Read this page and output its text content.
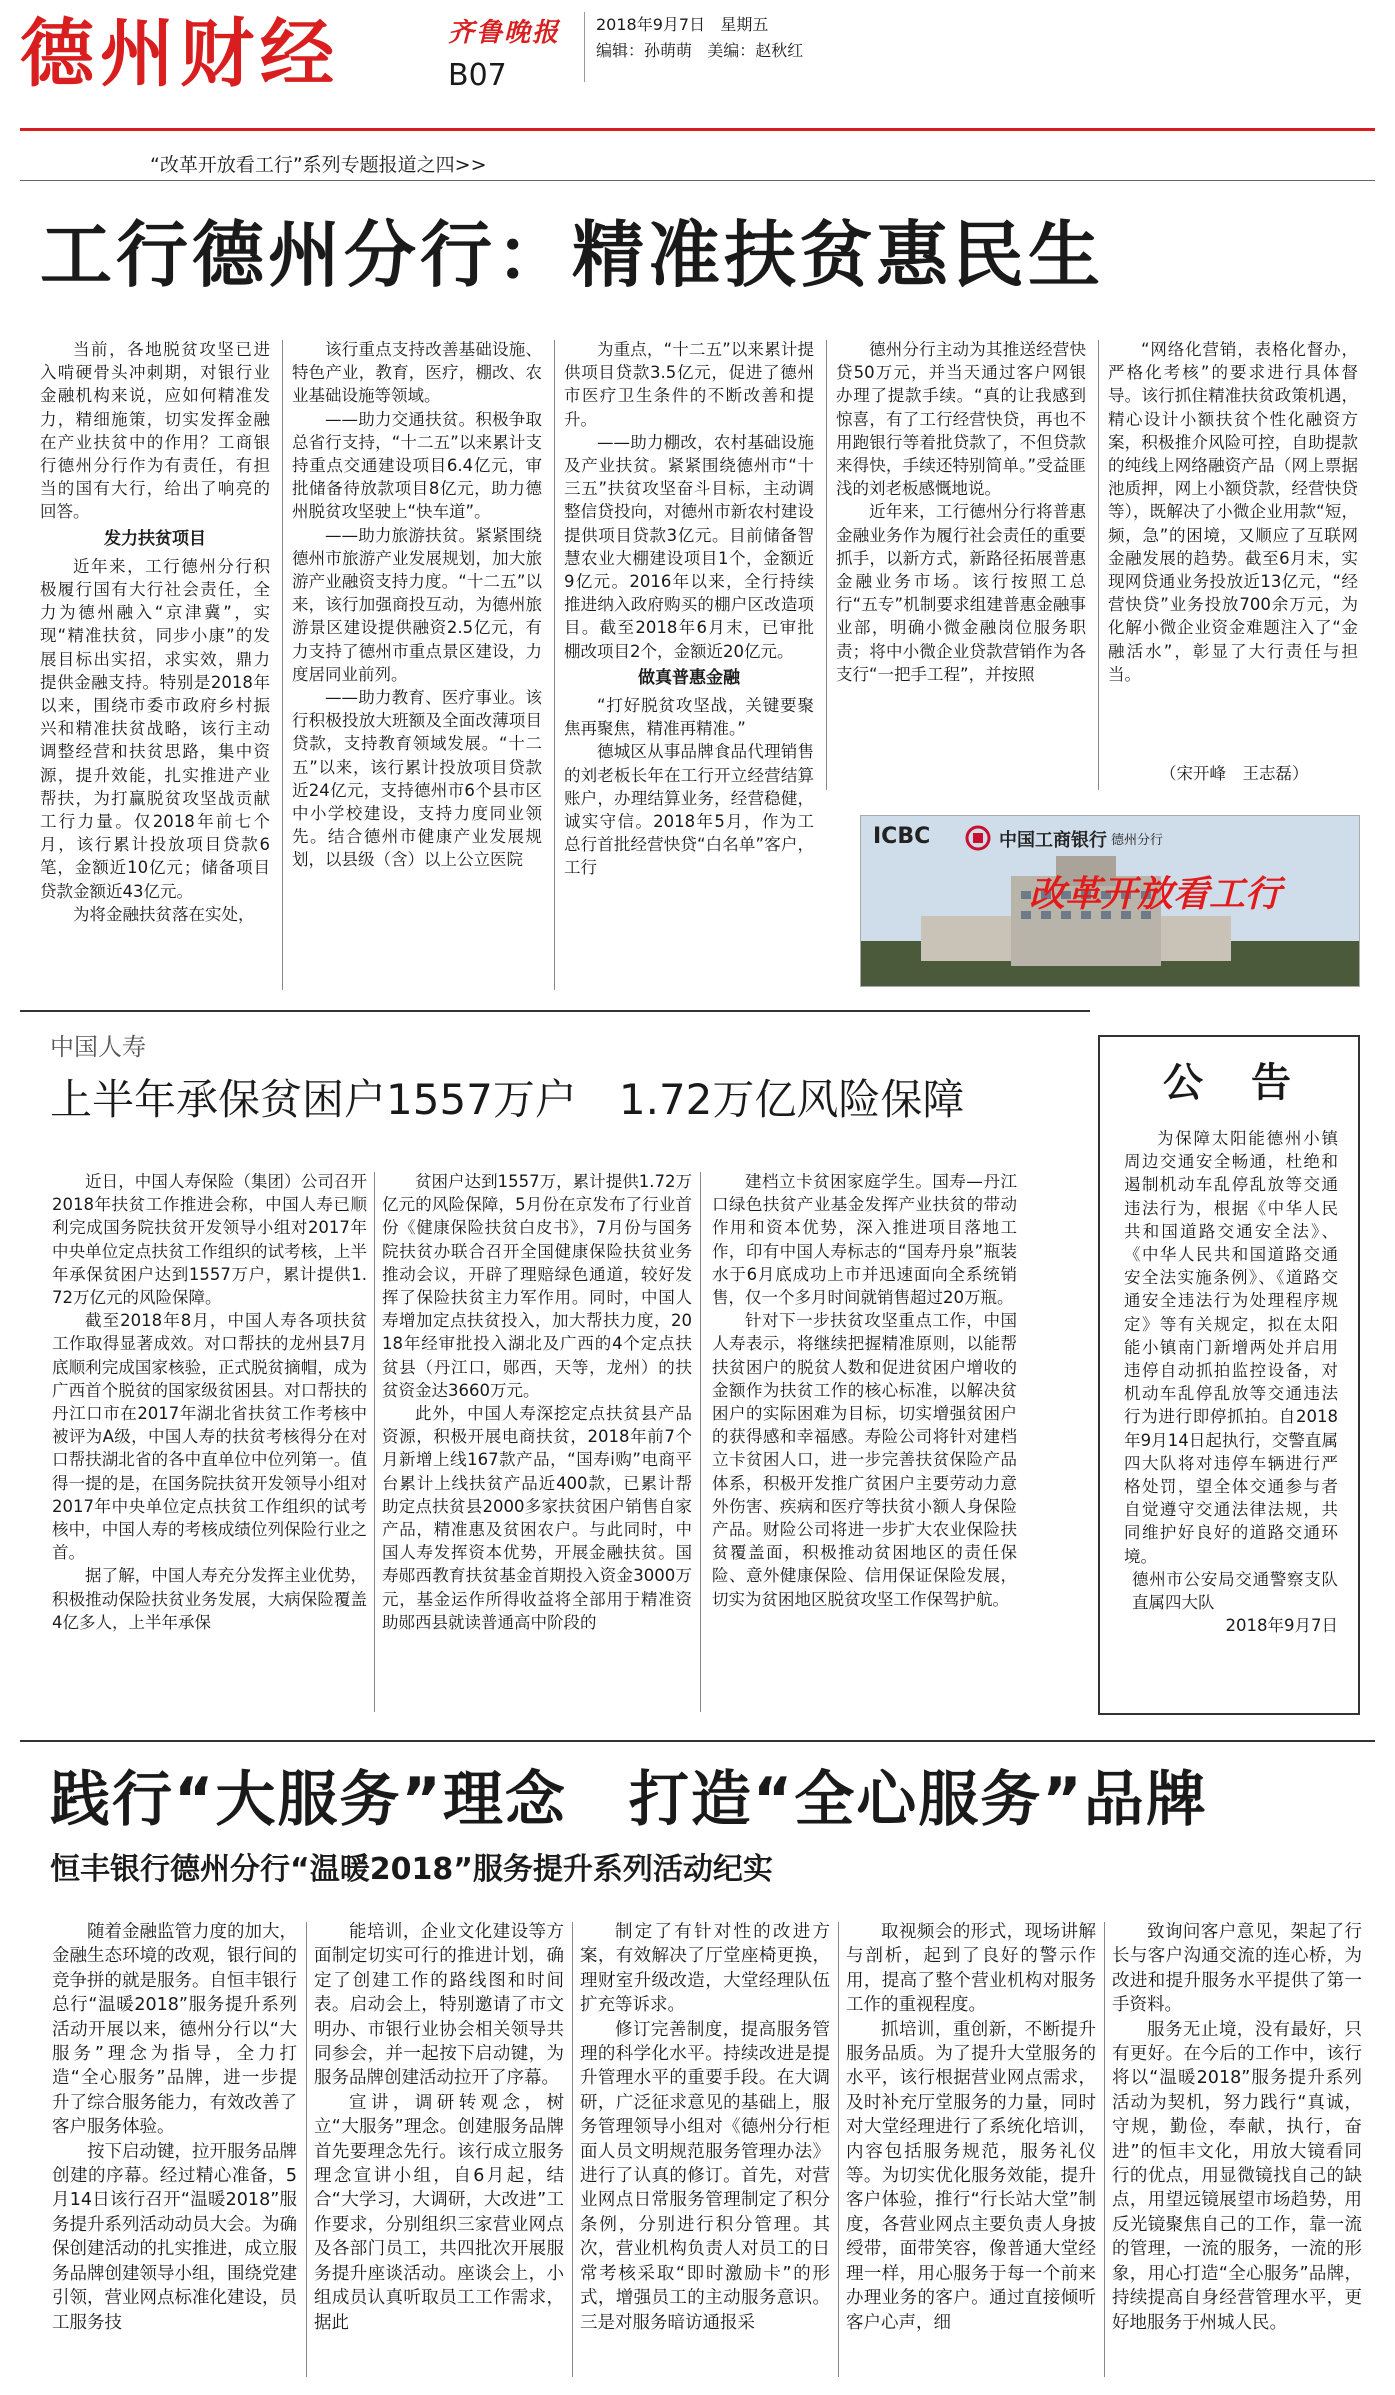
德州财经	齐鲁晚报
B07
2018年9月7日 星期五
编辑：孙萌萌 美编：赵秋红
“改革开放看工行”系列专题报道之四>>
工行德州分行：精准扶贫惠民生

当前，各地脱贫攻坚已进入啃硬骨头冲刺期，对银行业金融机构来说，应如何精准发力，精细施策，切实发挥金融在产业扶贫中的作用？工商银行德州分行作为有责任，有担当的国有大行，给出了响亮的回答。

发力扶贫项目

近年来，工行德州分行积极履行国有大行社会责任，全力为德州融入“京津冀”，实现“精准扶贫，同步小康”的发展目标出实招，求实效，鼎力提供金融支持。特别是2018年以来，围绕市委市政府乡村振兴和精准扶贫战略，该行主动调整经营和扶贫思路，集中资源，提升效能，扎实推进产业帮扶，为打赢脱贫攻坚战贡献工行力量。仅2018年前七个月，该行累计投放项目贷款6笔，金额近10亿元；储备项目贷款金额近43亿元。

为将金融扶贫落在实处，

该行重点支持改善基础设施、特色产业，教育，医疗，棚改、农业基础设施等领域。

——助力交通扶贫。积极争取总省行支持，“十二五”以来累计支持重点交通建设项目6.4亿元，审批储备待放款项目8亿元，助力德州脱贫攻坚驶上“快车道”。

——助力旅游扶贫。紧紧围绕德州市旅游产业发展规划，加大旅游产业融资支持力度。“十二五”以来，该行加强商投互动，为德州旅游景区建设提供融资2.5亿元，有力支持了德州市重点景区建设，力度居同业前列。

——助力教育、医疗事业。该行积极投放大班额及全面改薄项目贷款，支持教育领域发展。“十二五”以来，该行累计投放项目贷款近24亿元，支持德州市6个县市区中小学校建设，支持力度同业领先。结合德州市健康产业发展规划，以县级（含）以上公立医院

为重点，“十二五”以来累计提供项目贷款3.5亿元，促进了德州市医疗卫生条件的不断改善和提升。

——助力棚改，农村基础设施及产业扶贫。紧紧围绕德州市“十三五”扶贫攻坚奋斗目标，主动调整信贷投向，对德州市新农村建设提供项目贷款3亿元。目前储备智慧农业大棚建设项目1个，金额近9亿元。2016年以来，全行持续推进纳入政府购买的棚户区改造项目。截至2018年6月末，已审批棚改项目2个，金额近20亿元。

做真普惠金融

“打好脱贫攻坚战，关键要聚焦再聚焦，精准再精准。”

德城区从事品牌食品代理销售的刘老板长年在工行开立经营结算账户，办理结算业务，经营稳健，诚实守信。2018年5月，作为工总行首批经营快贷“白名单”客户，工行

德州分行主动为其推送经营快贷50万元，并当天通过客户网银办理了提款手续。“真的让我感到惊喜，有了工行经营快贷，再也不用跑银行等着批贷款了，不但贷款来得快，手续还特别简单。”受益匪浅的刘老板感慨地说。

近年来，工行德州分行将普惠金融业务作为履行社会责任的重要抓手，以新方式，新路径拓展普惠金融业务市场。该行按照工总行“五专”机制要求组建普惠金融事业部，明确小微金融岗位服务职责；将中小微企业贷款营销作为各支行“一把手工程”，并按照

“网络化营销，表格化督办，严格化考核”的要求进行具体督导。该行抓住精准扶贫政策机遇，精心设计小额扶贫个性化融资方案，积极推介风险可控，自助提款的纯线上网络融资产品（网上票据池质押，网上小额贷款，经营快贷等），既解决了小微企业用款“短，频，急”的困境，又顺应了互联网金融发展的趋势。截至6月末，实现网贷通业务投放近13亿元，“经营快贷”业务投放700余万元，为化解小微企业资金难题注入了“金融活水”，彰显了大行责任与担当。

（宋开峰　王志磊）
ICBC	中国工商银行 德州分行
改革开放看工行
中国人寿
上半年承保贫困户1557万户　1.72万亿风险保障

近日，中国人寿保险（集团）公司召开2018年扶贫工作推进会称，中国人寿已顺利完成国务院扶贫开发领导小组对2017年中央单位定点扶贫工作组织的试考核，上半年承保贫困户达到1557万户，累计提供1.72万亿元的风险保障。

截至2018年8月，中国人寿各项扶贫工作取得显著成效。对口帮扶的龙州县7月底顺利完成国家核验，正式脱贫摘帽，成为广西首个脱贫的国家级贫困县。对口帮扶的丹江口市在2017年湖北省扶贫工作考核中被评为A级，中国人寿的扶贫考核得分在对口帮扶湖北省的各中直单位中位列第一。值得一提的是，在国务院扶贫开发领导小组对2017年中央单位定点扶贫工作组织的试考核中，中国人寿的考核成绩位列保险行业之首。

据了解，中国人寿充分发挥主业优势，积极推动保险扶贫业务发展，大病保险覆盖4亿多人，上半年承保

贫困户达到1557万，累计提供1.72万亿元的风险保障，5月份在京发布了行业首份《健康保险扶贫白皮书》，7月份与国务院扶贫办联合召开全国健康保险扶贫业务推动会议，开辟了理赔绿色通道，较好发挥了保险扶贫主力军作用。同时，中国人寿增加定点扶贫投入，加大帮扶力度，2018年经审批投入湖北及广西的4个定点扶贫县（丹江口，郧西，天等，龙州）的扶贫资金达3660万元。

此外，中国人寿深挖定点扶贫县产品资源，积极开展电商扶贫，2018年前7个月新增上线167款产品，“国寿i购”电商平台累计上线扶贫产品近400款，已累计帮助定点扶贫县2000多家扶贫困户销售自家产品，精准惠及贫困农户。与此同时，中国人寿发挥资本优势，开展金融扶贫。国寿郧西教育扶贫基金首期投入资金3000万元，基金运作所得收益将全部用于精准资助郧西县就读普通高中阶段的

建档立卡贫困家庭学生。国寿—丹江口绿色扶贫产业基金发挥产业扶贫的带动作用和资本优势，深入推进项目落地工作，印有中国人寿标志的“国寿丹泉”瓶装水于6月底成功上市并迅速面向全系统销售，仅一个多月时间就销售超过20万瓶。

针对下一步扶贫攻坚重点工作，中国人寿表示，将继续把握精准原则，以能帮扶贫困户的脱贫人数和促进贫困户增收的金额作为扶贫工作的核心标准，以解决贫困户的实际困难为目标，切实增强贫困户的获得感和幸福感。寿险公司将针对建档立卡贫困人口，进一步完善扶贫保险产品体系，积极开发推广贫困户主要劳动力意外伤害、疾病和医疗等扶贫小额人身保险产品。财险公司将进一步扩大农业保险扶贫覆盖面，积极推动贫困地区的责任保险、意外健康保险、信用保证保险发展，切实为贫困地区脱贫攻坚工作保驾护航。

公　告

为保障太阳能德州小镇周边交通安全畅通，杜绝和遏制机动车乱停乱放等交通违法行为，根据《中华人民共和国道路交通安全法》、《中华人民共和国道路交通安全法实施条例》、《道路交通安全违法行为处理程序规定》等有关规定，拟在太阳能小镇南门新增两处并启用违停自动抓拍监控设备，对机动车乱停乱放等交通违法行为进行即停抓拍。自2018年9月14日起执行，交警直属四大队将对违停车辆进行严格处罚，望全体交通参与者自觉遵守交通法律法规，共同维护好良好的道路交通环境。

德州市公安局交通警察支队直属四大队

2018年9月7日

践行“大服务”理念　打造“全心服务”品牌
恒丰银行德州分行“温暖2018”服务提升系列活动纪实

随着金融监管力度的加大，金融生态环境的改观，银行间的竞争拼的就是服务。自恒丰银行总行“温暖2018”服务提升系列活动开展以来，德州分行以“大服务”理念为指导，全力打造“全心服务”品牌，进一步提升了综合服务能力，有效改善了客户服务体验。

按下启动键，拉开服务品牌创建的序幕。经过精心准备，5月14日该行召开“温暖2018”服务提升系列活动动员大会。为确保创建活动的扎实推进，成立服务品牌创建领导小组，围绕党建引领，营业网点标准化建设，员工服务技

能培训，企业文化建设等方面制定切实可行的推进计划，确定了创建工作的路线图和时间表。启动会上，特别邀请了市文明办、市银行业协会相关领导共同参会，并一起按下启动键，为服务品牌创建活动拉开了序幕。

宣讲，调研转观念，树立“大服务”理念。创建服务品牌首先要理念先行。该行成立服务理念宣讲小组，自6月起，结合“大学习，大调研，大改进”工作要求，分别组织三家营业网点及各部门员工，共四批次开展服务提升座谈活动。座谈会上，小组成员认真听取员工工作需求，据此

制定了有针对性的改进方案，有效解决了厅堂座椅更换，理财室升级改造，大堂经理队伍扩充等诉求。

修订完善制度，提高服务管理的科学化水平。持续改进是提升管理水平的重要手段。在大调研，广泛征求意见的基础上，服务管理领导小组对《德州分行柜面人员文明规范服务管理办法》进行了认真的修订。首先，对营业网点日常服务管理制定了积分条例，分别进行积分管理。其次，营业机构负责人对员工的日常考核采取“即时激励卡”的形式，增强员工的主动服务意识。三是对服务暗访通报采

取视频会的形式，现场讲解与剖析，起到了良好的警示作用，提高了整个营业机构对服务工作的重视程度。

抓培训，重创新，不断提升服务品质。为了提升大堂服务的水平，该行根据营业网点需求，及时补充厅堂服务的力量，同时对大堂经理进行了系统化培训，内容包括服务规范，服务礼仪等。为切实优化服务效能，提升客户体验，推行“行长站大堂”制度，各营业网点主要负责人身披绶带，面带笑容，像普通大堂经理一样，用心服务于每一个前来办理业务的客户。通过直接倾听客户心声，细

致询问客户意见，架起了行长与客户沟通交流的连心桥，为改进和提升服务水平提供了第一手资料。

服务无止境，没有最好，只有更好。在今后的工作中，该行将以“温暖2018”服务提升系列活动为契机，努力践行“真诚，守规，勤俭，奉献，执行，奋进”的恒丰文化，用放大镜看同行的优点，用显微镜找自己的缺点，用望远镜展望市场趋势，用反光镜聚焦自己的工作，靠一流的管理，一流的服务，一流的形象，用心打造“全心服务”品牌，持续提高自身经营管理水平，更好地服务于州城人民。
